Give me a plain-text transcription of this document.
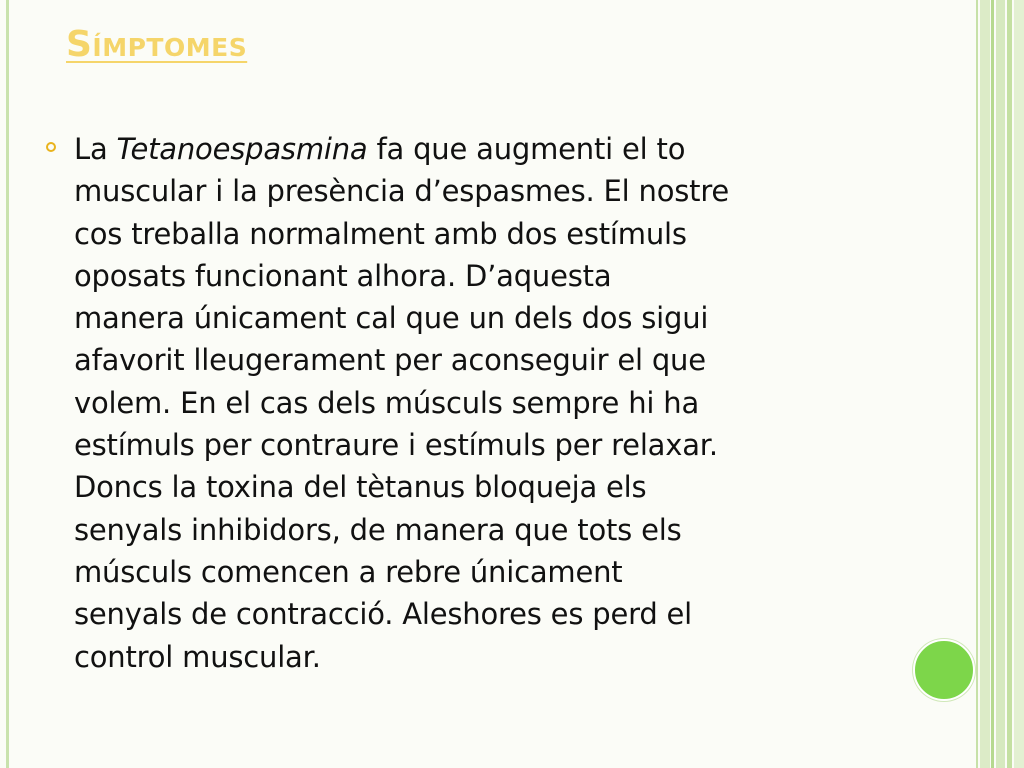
Símptomes

La Tetanoespasmina fa que augmenti el to
muscular i la presència d’espasmes. El nostre
cos treballa normalment amb dos estímuls
oposats funcionant alhora. D’aquesta
manera únicament cal que un dels dos sigui
afavorit lleugerament per aconseguir el que
volem. En el cas dels músculs sempre hi ha
estímuls per contraure i estímuls per relaxar.
Doncs la toxina del tètanus bloqueja els
senyals inhibidors, de manera que tots els
músculs comencen a rebre únicament
senyals de contracció. Aleshores es perd el
control muscular.
